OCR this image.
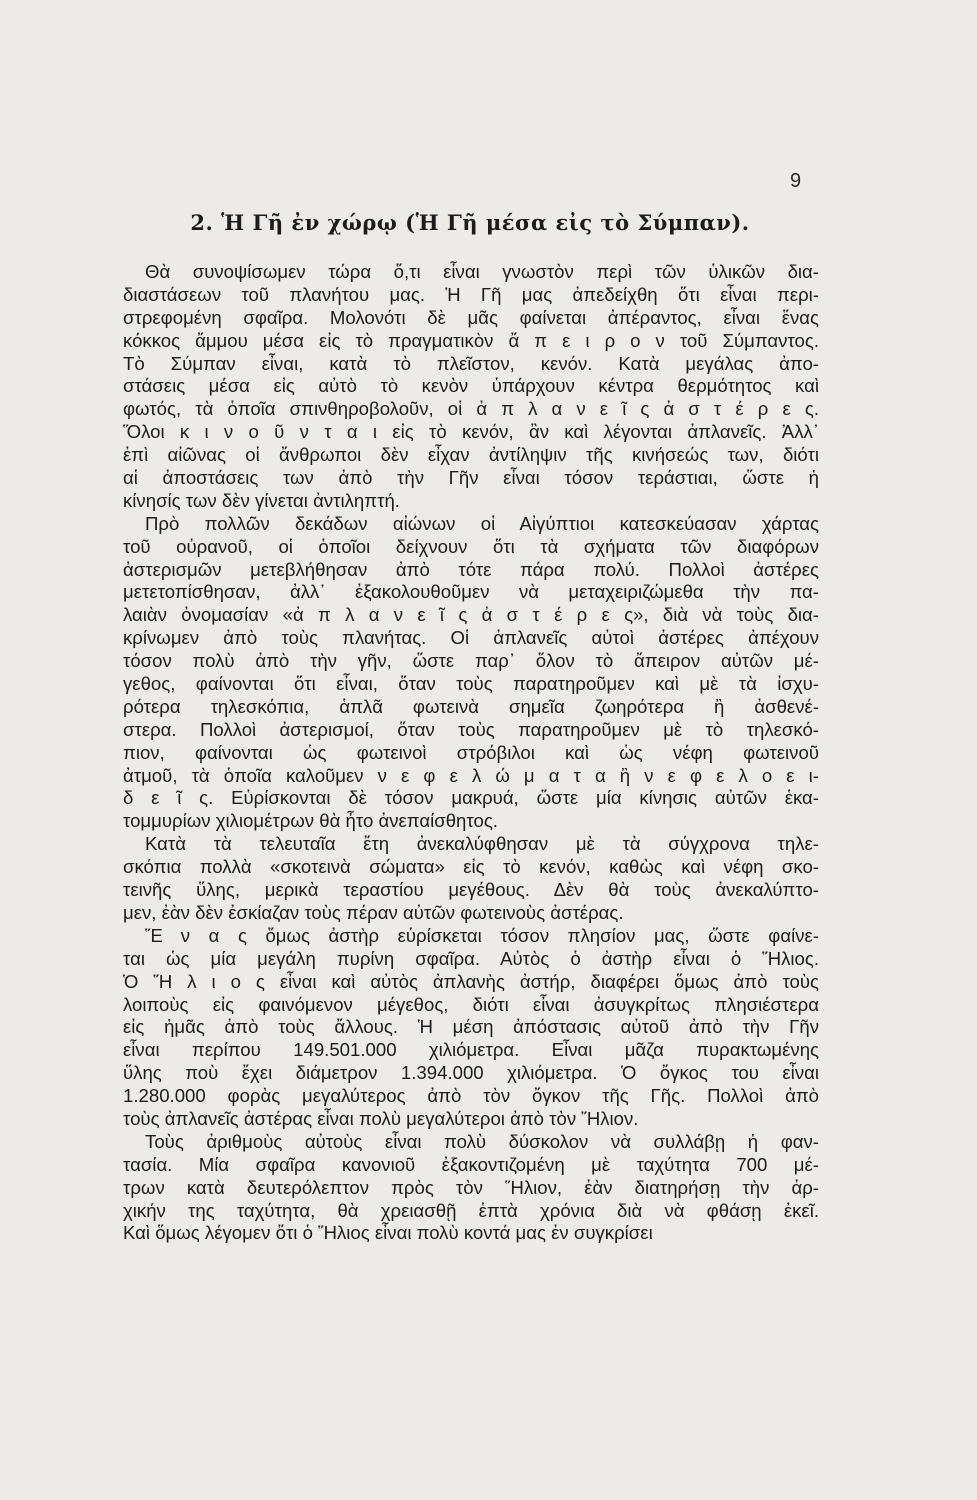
9
2. Ἡ Γῆ ἐν χώρῳ (Ἡ Γῆ μέσα εἰς τὸ Σύμπαν).
Θὰ συνοψίσωμεν τώρα ὅ,τι εἶναι γνωστὸν περὶ τῶν ὑλικῶν δια-
διαστάσεων τοῦ πλανήτου μας. Ἡ Γῆ μας ἀπεδείχθη ὅτι εἶναι περι-
στρεφομένη σφαῖρα. Μολονότι δὲ μᾶς φαίνεται ἀπέραντος, εἶναι ἕνας
κόκκος ἄμμου μέσα εἰς τὸ πραγματικὸν ἄ π ε ι ρ ο ν τοῦ Σύμπαντος.
Τὸ Σύμπαν εἶναι, κατὰ τὸ πλεῖστον, κενόν. Κατὰ μεγάλας ἀπο-
στάσεις μέσα εἰς αὐτὸ τὸ κενὸν ὑπάρχουν κέντρα θερμότητος καὶ
φωτός, τὰ ὁποῖα σπινθηροβολοῦν, οἱ ἀ π λ α ν ε ῖ ς ἀ σ τ έ ρ ε ς.
Ὅλοι κ ι ν ο ῦ ν τ α ι εἰς τὸ κενόν, ἂν καὶ λέγονται ἀπλανεῖς. Ἀλλ᾽
ἐπὶ αἰῶνας οἱ ἄνθρωποι δὲν εἶχαν ἀντίληψιν τῆς κινήσεώς των, διότι
αἱ ἀποστάσεις των ἀπὸ τὴν Γῆν εἶναι τόσον τεράστιαι, ὥστε ἡ
κίνησίς των δὲν γίνεται ἀντιληπτή.
Πρὸ πολλῶν δεκάδων αἰώνων οἱ Αἰγύπτιοι κατεσκεύασαν χάρτας
τοῦ οὐρανοῦ, οἱ ὁποῖοι δείχνουν ὅτι τὰ σχήματα τῶν διαφόρων
ἀστερισμῶν μετεβλήθησαν ἀπὸ τότε πάρα πολύ. Πολλοὶ ἀστέρες
μετετοπίσθησαν, ἀλλ᾽ ἐξακολουθοῦμεν νὰ μεταχειριζώμεθα τὴν πα-
λαιὰν ὀνομασίαν «ἀ π λ α ν ε ῖ ς ἀ σ τ έ ρ ε ς», διὰ νὰ τοὺς δια-
κρίνωμεν ἀπὸ τοὺς πλανήτας. Οἱ ἀπλανεῖς αὐτοὶ ἀστέρες ἀπέχουν
τόσον πολὺ ἀπὸ τὴν γῆν, ὥστε παρ᾽ ὅλον τὸ ἄπειρον αὐτῶν μέ-
γεθος, φαίνονται ὅτι εἶναι, ὅταν τοὺς παρατηροῦμεν καὶ μὲ τὰ ἰσχυ-
ρότερα τηλεσκόπια, ἁπλᾶ φωτεινὰ σημεῖα ζωηρότερα ἢ ἀσθενέ-
στερα. Πολλοὶ ἀστερισμοί, ὅταν τοὺς παρατηροῦμεν μὲ τὸ τηλεσκό-
πιον, φαίνονται ὡς φωτεινοὶ στρόβιλοι καὶ ὡς νέφη φωτεινοῦ
ἀτμοῦ, τὰ ὁποῖα καλοῦμεν ν ε φ ε λ ώ μ α τ α ἢ ν ε φ ε λ ο ε ι-
δ ε ῖ ς. Εὑρίσκονται δὲ τόσον μακρυά, ὥστε μία κίνησις αὐτῶν ἑκα-
τομμυρίων χιλιομέτρων θὰ ἦτο ἀνεπαίσθητος.
Κατὰ τὰ τελευταῖα ἔτη ἀνεκαλύφθησαν μὲ τὰ σύγχρονα τηλε-
σκόπια πολλὰ «σκοτεινὰ σώματα» εἰς τὸ κενόν, καθὼς καὶ νέφη σκο-
τεινῆς ὕλης, μερικὰ τεραστίου μεγέθους. Δὲν θὰ τοὺς ἀνεκαλύπτο-
μεν, ἐὰν δὲν ἐσκίαζαν τοὺς πέραν αὐτῶν φωτεινοὺς ἀστέρας.
Ἕ ν α ς ὅμως ἀστὴρ εὑρίσκεται τόσον πλησίον μας, ὥστε φαίνε-
ται ὡς μία μεγάλη πυρίνη σφαῖρα. Αὐτὸς ὁ ἀστὴρ εἶναι ὁ Ἥλιος.
Ὁ Ἥ λ ι ο ς εἶναι καὶ αὐτὸς ἀπλανὴς ἀστήρ, διαφέρει ὅμως ἀπὸ τοὺς
λοιποὺς εἰς φαινόμενον μέγεθος, διότι εἶναι ἀσυγκρίτως πλησιέστερα
εἰς ἡμᾶς ἀπὸ τοὺς ἄλλους. Ἡ μέση ἀπόστασις αὐτοῦ ἀπὸ τὴν Γῆν
εἶναι περίπου 149.501.000 χιλιόμετρα. Εἶναι μᾶζα πυρακτωμένης
ὕλης ποὺ ἔχει διάμετρον 1.394.000 χιλιόμετρα. Ὁ ὄγκος του εἶναι
1.280.000 φορὰς μεγαλύτερος ἀπὸ τὸν ὄγκον τῆς Γῆς. Πολλοὶ ἀπὸ
τοὺς ἀπλανεῖς ἀστέρας εἶναι πολὺ μεγαλύτεροι ἀπὸ τὸν Ἥλιον.
Τοὺς ἀριθμοὺς αὐτοὺς εἶναι πολὺ δύσκολον νὰ συλλάβῃ ἡ φαν-
τασία. Μία σφαῖρα κανονιοῦ ἐξακοντιζομένη μὲ ταχύτητα 700 μέ-
τρων κατὰ δευτερόλεπτον πρὸς τὸν Ἥλιον, ἐὰν διατηρήσῃ τὴν ἀρ-
χικήν της ταχύτητα, θὰ χρειασθῇ ἑπτὰ χρόνια διὰ νὰ φθάσῃ ἐκεῖ.
Καὶ ὅμως λέγομεν ὅτι ὁ Ἥλιος εἶναι πολὺ κοντά μας ἐν συγκρίσει
